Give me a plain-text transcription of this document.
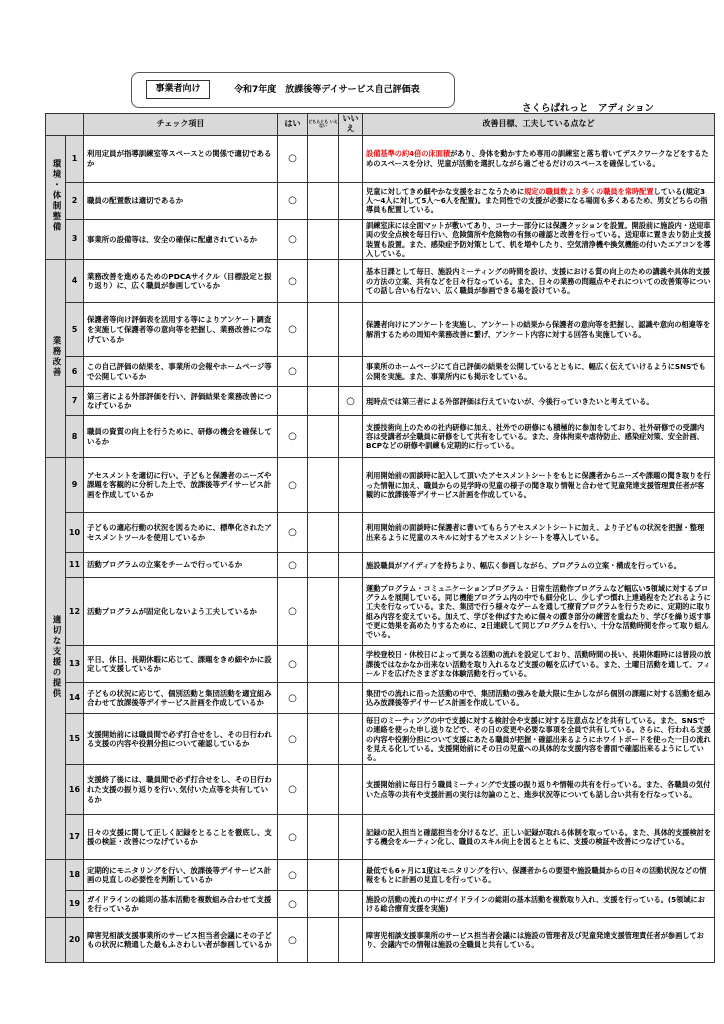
事業者向け	令和7年度　放課後等デイサービス自己評価表
さくらぱれっと　アディション
		チェック項目	はい	どちらとも いえない	いいえ	改善目標、工夫している点など
環境・体制整備	1	利用定員が指導訓練室等スペースとの関係で適切であるか	○			設備基準の約4倍の床面積があり、身体を動かすため専用の訓練室と落ち着いてデスクワークなどをするためのスペースを分け、児童が活動を選択しながら過ごせるだけのスペースを確保している。
	2	職員の配置数は適切であるか	○			児童に対してきめ細やかな支援をおこなうために規定の職員数より多くの職員を常時配置している(規定3人～4人に対して5人～6人を配置)。また同性での支援が必要になる場面も多くあるため、男女どちらの指導員も配置している。
	3	事業所の設備等は、安全の確保に配慮されているか	○			訓練室床には全面マットが敷いてあり、コーナー部分には保護クッションを設置。開設前に施設内・送迎車両の安全点検を毎日行い、危険箇所や危険物の有無の確認と改善を行っている。送迎車に置き去り防止支援装置も設置。また、感染症予防対策として、机を増やしたり、空気清浄機や換気機能の付いたエアコンを導入している。
業務改善	4	業務改善を進めるためのPDCAサイクル（目標設定と振り返り）に、広く職員が参画しているか	○			基本日課として毎日、施設内ミーティングの時間を設け、支援における質の向上のための講義や具体的支援の方法の立案、共有などを日々行なっている。また、日々の業務の問題点やそれについての改善策等についての話し合いも行ない、広く職員が参画できる場を設けている。
	5	保護者等向け評価表を活用する等によりアンケート調査を実施して保護者等の意向等を把握し、業務改善につなげているか	○			保護者向けにアンケートを実施し、アンケートの結果から保護者の意向等を把握し、認識や意向の相違等を解消するための周知や業務改善に繋げ、アンケート内容に対する回答も実施している。
	6	この自己評価の結果を、事業所の会報やホームページ等で公開しているか	○			事業所のホームページにて自己評価の結果を公開しているとともに、幅広く伝えていけるようにSNSでも公開を実施。また、事業所内にも掲示をしている。
	7	第三者による外部評価を行い、評価結果を業務改善につなげているか			○	現時点では第三者による外部評価は行えていないが、今後行っていきたいと考えている。
	8	職員の資質の向上を行うために、研修の機会を確保しているか	○			支援技術向上のための社内研修に加え、社外での研修にも積極的に参加をしており、社外研修での受講内容は受講者が全職員に研修をして共有をしている。また、身体拘束や虐待防止、感染症対策、安全計画、BCPなどの研修や訓練も定期的に行っている。
適切な支援の提供	9	アセスメントを適切に行い、子どもと保護者のニーズや課題を客観的に分析した上で、放課後等デイサービス計画を作成しているか	○			利用開始前の面談時に記入して頂いたアセスメントシートをもとに保護者からニーズや課題の聞き取りを行った情報に加え、職員からの見学時の児童の様子の聞き取り情報と合わせて児童発達支援管理責任者が客観的に放課後等デイサービス計画を作成している。
	10	子どもの適応行動の状況を図るために、標準化されたアセスメントツールを使用しているか	○			利用開始前の面談時に保護者に書いてもらうアセスメントシートに加え、より子どもの状況を把握・整理出来るように児童のスキルに対するアセスメントシートを導入している。
	11	活動プログラムの立案をチームで行っているか	○			施設職員がアイディアを持ちより、幅広く参画しながら、プログラムの立案・構成を行っている。
	12	活動プログラムが固定化しないよう工夫しているか	○			運動プログラム・コミュニケーションプログラム・日常生活動作プログラムなど幅広い5領域に対するプログラムを展開している。同じ機能プログラム内の中でも細分化し、少しずつ慣れ上達過程をたどれるように工夫を行なっている。また、集団で行う様々なゲームを通して療育プログラムを行うために、定期的に取り組み内容を変えている。加えて、学びを伸ばすために個々の躓き部分の練習を重ねたり、学びを繰り返す事で更に効果を高めたりするために、2日連続して同じプログラムを行い、十分な活動時間を作って取り組んでいる。
	13	平日、休日、長期休暇に応じて、課題をきめ細やかに設定して支援しているか	○			学校登校日・休校日によって異なる活動の流れを設定しており、活動時間の長い、長期休暇時には普段の放課後ではなかなか出来ない活動を取り入れるなど支援の幅を広げている。また、土曜日活動を通して、フィールドを広げたさまざまな体験活動を行っている。
	14	子どもの状況に応じて、個別活動と集団活動を適宜組み合わせて放課後等デイサービス計画を作成しているか	○			集団での流れに沿った活動の中で、集団活動の強みを最大限に生かしながら個別の課題に対する活動を組み込み放課後等デイサービス計画を作成している。
	15	支援開始前には職員間で必ず打合せをし、その日行われる支援の内容や役割分担について確認しているか	○			毎日のミーティングの中で支援に対する検討会や支援に対する注意点などを共有している。また、SNSでの連絡を使った申し送りなどで、その日の変更や必要な事項を全員で共有している。さらに、行われる支援の内容や役割分担について支援にあたる職員が把握・確認出来るようにホワイトボードを使った一日の流れを見える化している。支援開始前にその日の児童への具体的な支援内容を書面で確認出来るようにしている。
	16	支援終了後には、職員間で必ず打合せをし、その日行われた支援の振り返りを行い､気付いた点等を共有しているか	○			支援開始前に毎日行う職員ミーティングで支援の振り返りや情報の共有を行っている。また、各職員の気付いた点等の共有や支援計画の実行は勿論のこと、進歩状況等についても話し合い共有を行なっている。
	17	日々の支援に関して正しく記録をとることを徹底し、支援の検証・改善につなげているか	○			記録の記入担当と確認担当を分けるなど、正しい記録が取れる体制を取っている。また、具体的支援検討をする機会をルーティン化し、職員のスキル向上を図るとともに、支援の検証や改善につなげている。
	18	定期的にモニタリングを行い、放課後等デイサービス計画の見直しの必要性を判断しているか	○			最低でも6ヶ月に1度はモニタリングを行い、保護者からの要望や施設職員からの日々の活動状況などの情報をもとに計画の見直しを行っている。
	19	ガイドラインの総則の基本活動を複数組み合わせて支援を行っているか	○			施設の活動の流れの中にガイドラインの総則の基本活動を複数取り入れ、支援を行っている。(5領域における総合療育支援を実施)
	20	障害児相談支援事業所のサービス担当者会議にその子どもの状況に精通した最もふさわしい者が参画しているか	○			障害児相談支援事業所のサービス担当者会議には施設の管理者及び児童発達支援管理責任者が参画しており、会議内での情報は施設の全職員と共有している。
